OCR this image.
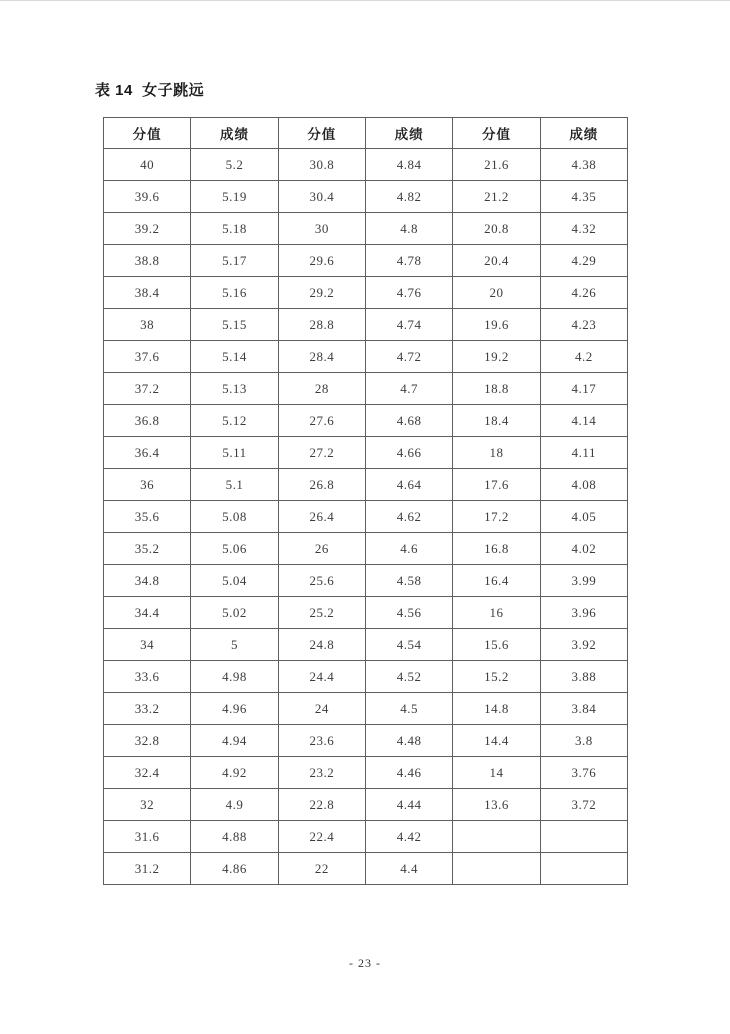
表 14  女子跳远
分值	成绩	分值	成绩	分值	成绩
40	5.2	30.8	4.84	21.6	4.38
39.6	5.19	30.4	4.82	21.2	4.35
39.2	5.18	30	4.8	20.8	4.32
38.8	5.17	29.6	4.78	20.4	4.29
38.4	5.16	29.2	4.76	20	4.26
38	5.15	28.8	4.74	19.6	4.23
37.6	5.14	28.4	4.72	19.2	4.2
37.2	5.13	28	4.7	18.8	4.17
36.8	5.12	27.6	4.68	18.4	4.14
36.4	5.11	27.2	4.66	18	4.11
36	5.1	26.8	4.64	17.6	4.08
35.6	5.08	26.4	4.62	17.2	4.05
35.2	5.06	26	4.6	16.8	4.02
34.8	5.04	25.6	4.58	16.4	3.99
34.4	5.02	25.2	4.56	16	3.96
34	5	24.8	4.54	15.6	3.92
33.6	4.98	24.4	4.52	15.2	3.88
33.2	4.96	24	4.5	14.8	3.84
32.8	4.94	23.6	4.48	14.4	3.8
32.4	4.92	23.2	4.46	14	3.76
32	4.9	22.8	4.44	13.6	3.72
31.6	4.88	22.4	4.42		
31.2	4.86	22	4.4		
- 23 -
